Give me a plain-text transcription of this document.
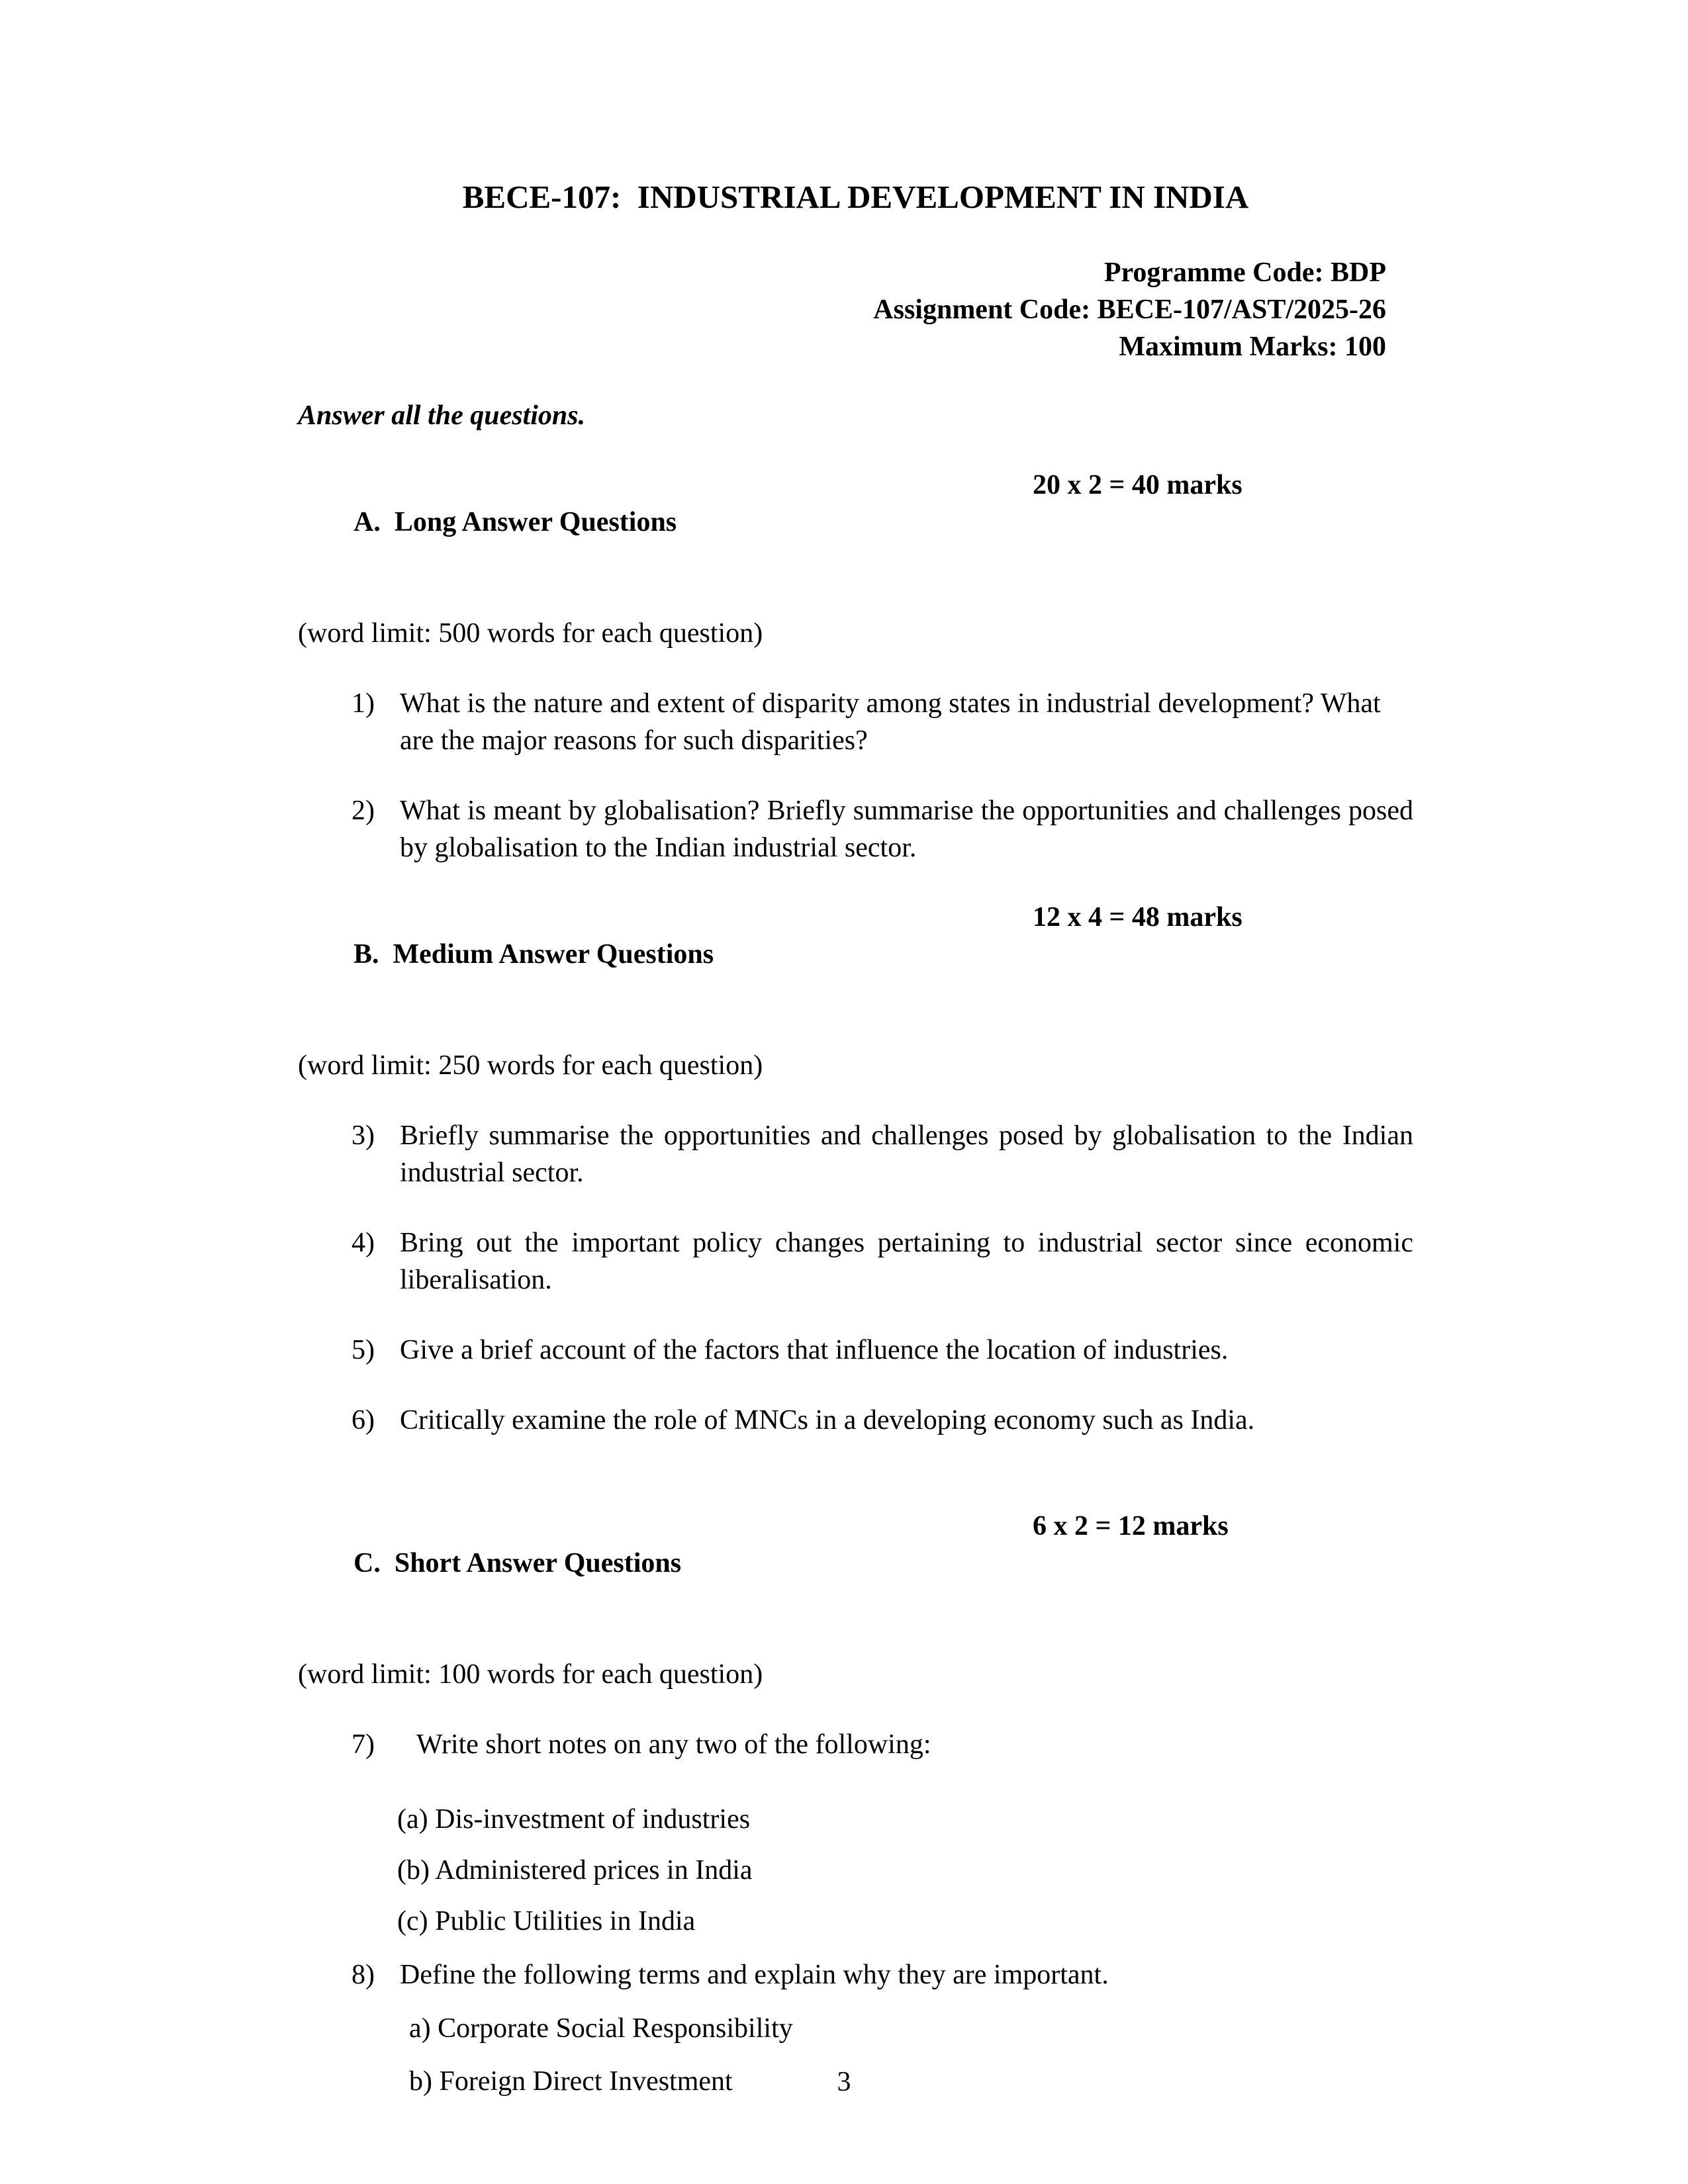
BECE-107:  INDUSTRIAL DEVELOPMENT IN INDIA
Programme Code: BDP
Assignment Code: BECE-107/AST/2025-26
Maximum Marks: 100
Answer all the questions.

A.  Long Answer Questions

20 x 2 = 40 marks

(word limit: 500 words for each question)
1) What is the nature and extent of disparity among states in industrial development? What are the major reasons for such disparities?
2) What is meant by globalisation? Briefly summarise the opportunities and challenges posed by globalisation to the Indian industrial sector.

B.  Medium Answer Questions

12 x 4 = 48 marks

(word limit: 250 words for each question)
3) Briefly summarise the opportunities and challenges posed by globalisation to the Indian industrial sector.
4) Bring out the important policy changes pertaining to industrial sector since economic liberalisation.
5) Give a brief account of the factors that influence the location of industries.
6) Critically examine the role of MNCs in a developing economy such as India.

C.  Short Answer Questions

6 x 2 = 12 marks

(word limit: 100 words for each question)
7) Write short notes on any two of the following:
(a) Dis-investment of industries
(b) Administered prices in India
(c) Public Utilities in India
8) Define the following terms and explain why they are important.
a) Corporate Social Responsibility
b) Foreign Direct Investment	3
